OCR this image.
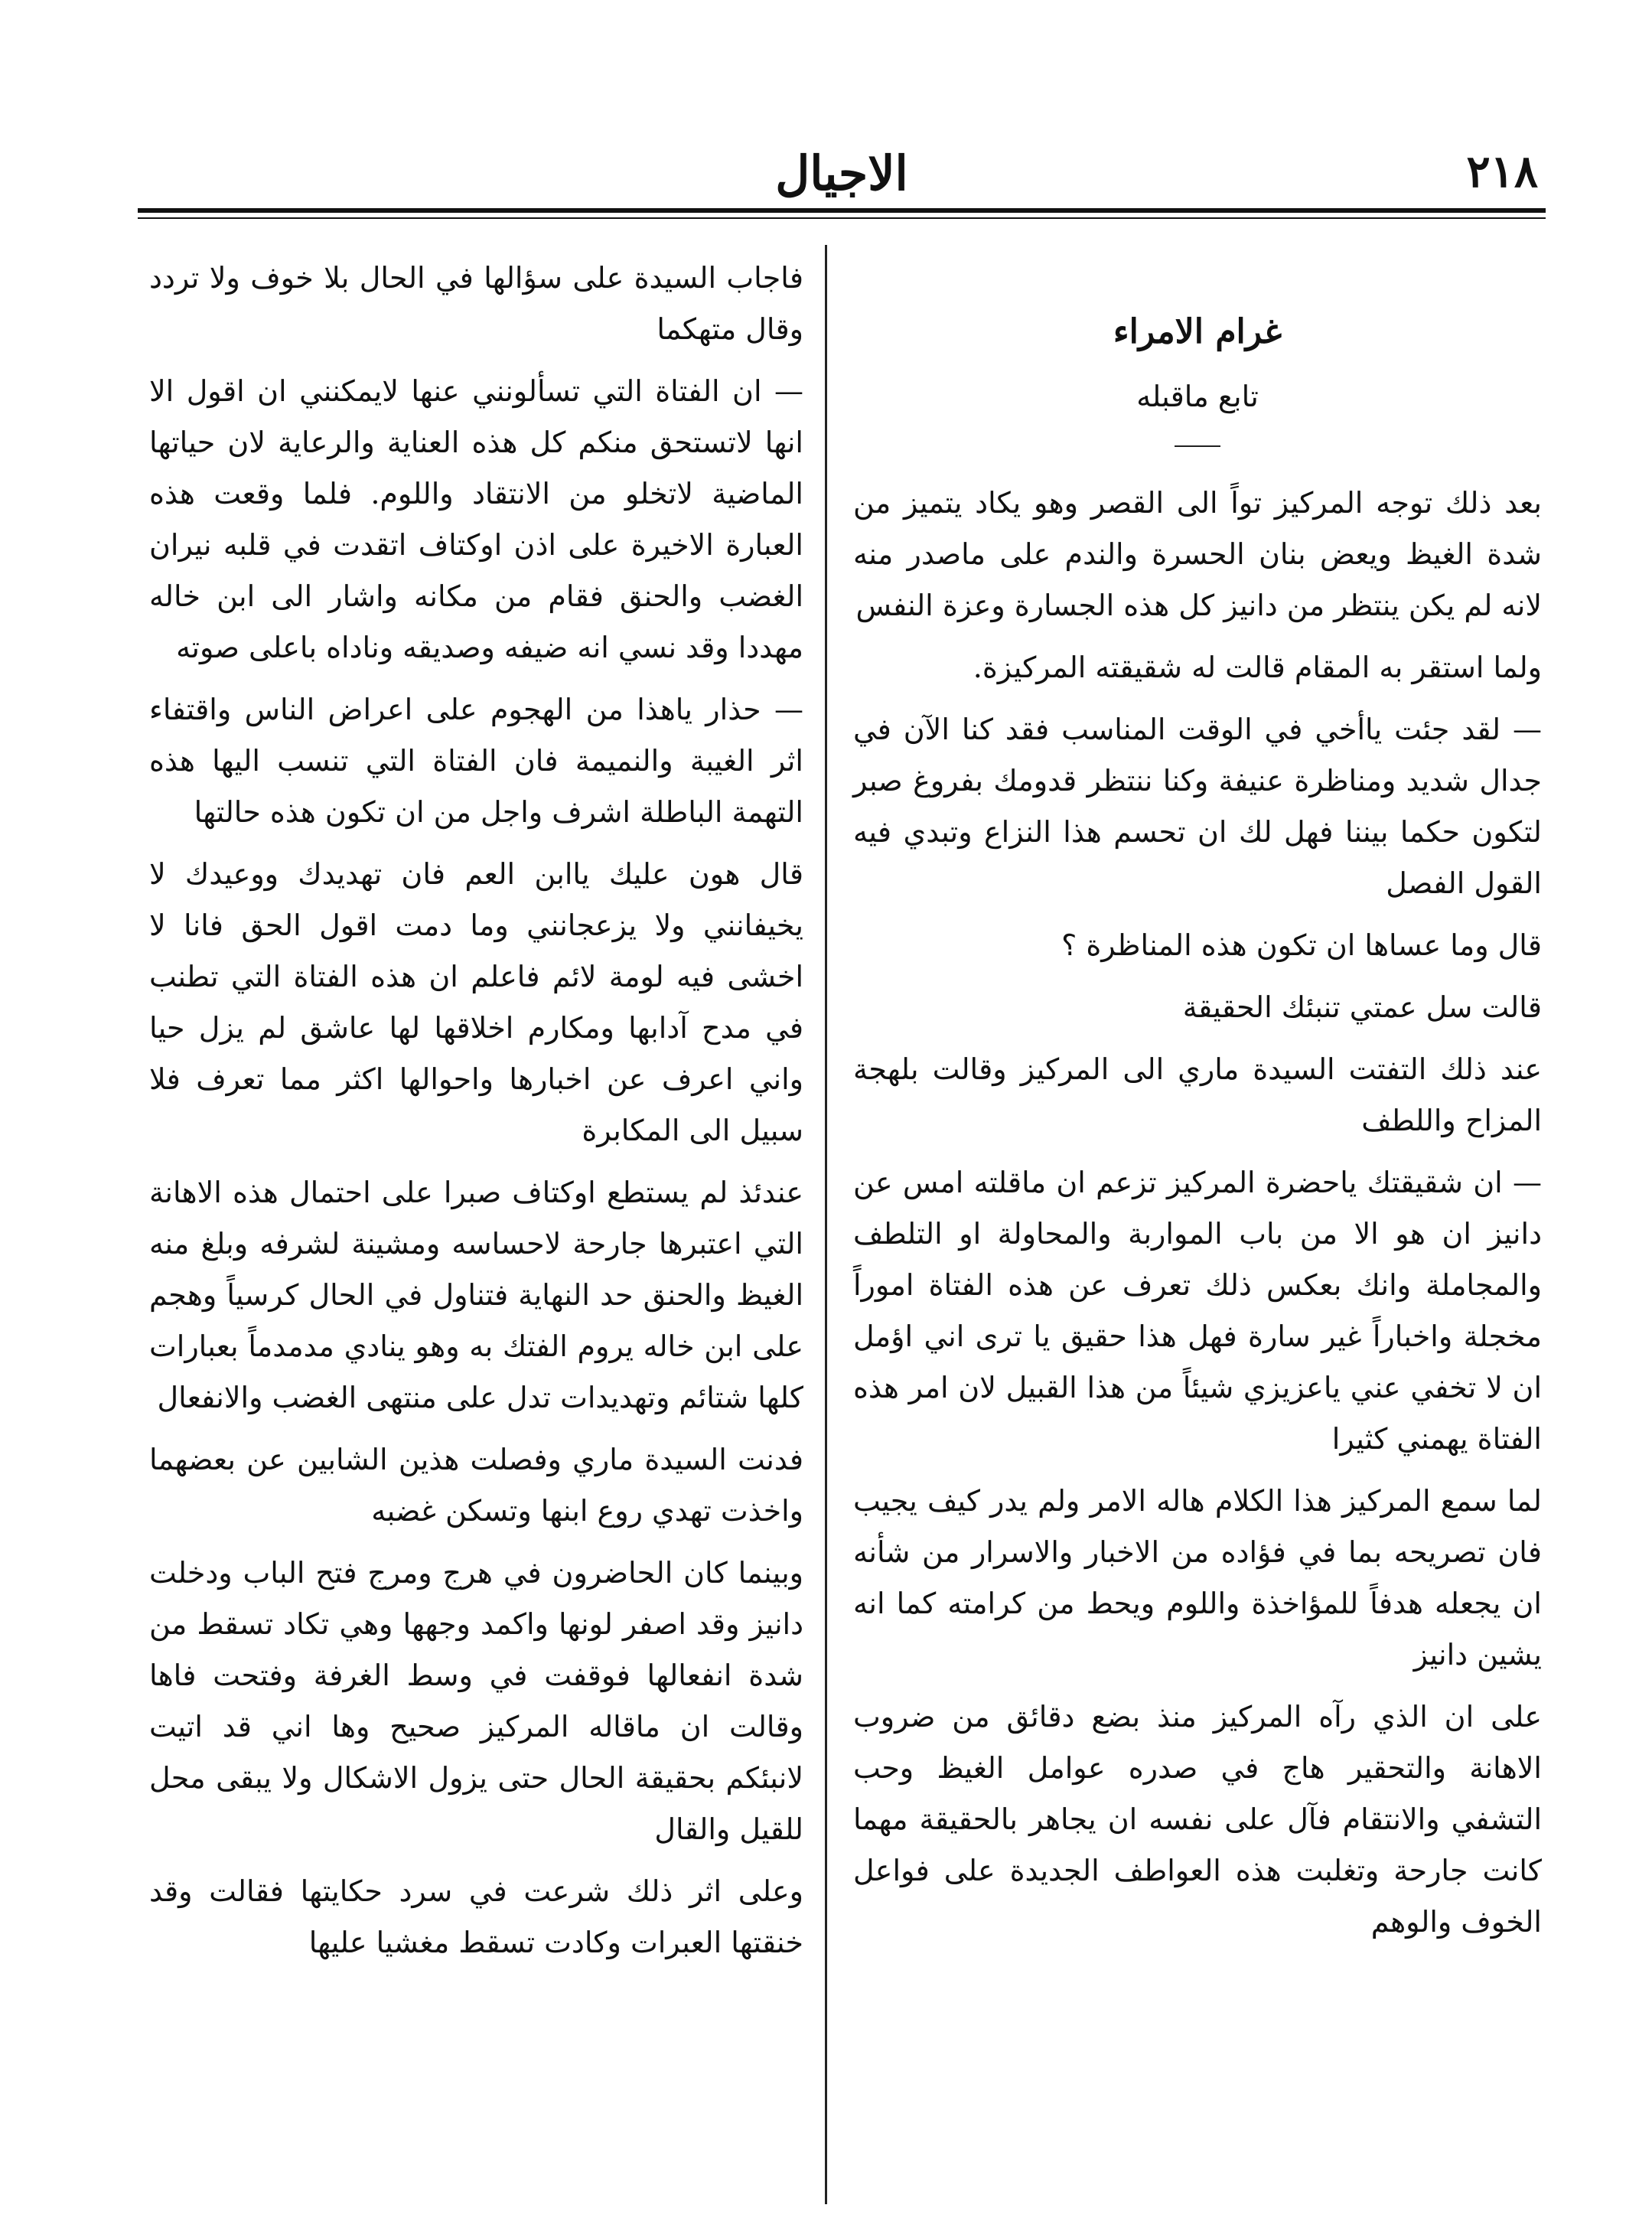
٢١٨
الاجيال
غرام الامراء
تابع ماقبله

بعد ذلك توجه المركيز تواً الى القصر وهو يكاد يتميز من شدة الغيظ ويعض بنان الحسرة والندم على ماصدر منه لانه لم يكن ينتظر من دانيز كل هذه الجسارة وعزة النفس

ولما استقر به المقام قالت له شقيقته المركيزة.

— لقد جئت ياأخي في الوقت المناسب فقد كنا الآن في جدال شديد ومناظرة عنيفة وكنا ننتظر قدومك بفروغ صبر لتكون حكما بيننا فهل لك ان تحسم هذا النزاع وتبدي فيه القول الفصل

قال وما عساها ان تكون هذه المناظرة ؟

قالت سل عمتي تنبئك الحقيقة

عند ذلك التفتت السيدة ماري الى المركيز وقالت بلهجة المزاح واللطف

— ان شقيقتك ياحضرة المركيز تزعم ان ماقلته امس عن دانيز ان هو الا من باب المواربة والمحاولة او التلطف والمجاملة وانك بعكس ذلك تعرف عن هذه الفتاة اموراً مخجلة واخباراً غير سارة فهل هذا حقيق يا ترى اني اؤمل ان لا تخفي عني ياعزيزي شيئاً من هذا القبيل لان امر هذه الفتاة يهمني كثيرا

لما سمع المركيز هذا الكلام هاله الامر ولم يدر كيف يجيب فان تصريحه بما في فؤاده من الاخبار والاسرار من شأنه ان يجعله هدفاً للمؤاخذة واللوم ويحط من كرامته كما انه يشين دانيز

على ان الذي رآه المركيز منذ بضع دقائق من ضروب الاهانة والتحقير هاج في صدره عوامل الغيظ وحب التشفي والانتقام فآل على نفسه ان يجاهر بالحقيقة مهما كانت جارحة وتغلبت هذه العواطف الجديدة على فواعل الخوف والوهم

فاجاب السيدة على سؤالها في الحال بلا خوف ولا تردد وقال متهكما

— ان الفتاة التي تسألونني عنها لايمكنني ان اقول الا انها لاتستحق منكم كل هذه العناية والرعاية لان حياتها الماضية لاتخلو من الانتقاد واللوم. فلما وقعت هذه العبارة الاخيرة على اذن اوكتاف اتقدت في قلبه نيران الغضب والحنق فقام من مكانه واشار الى ابن خاله مهددا وقد نسي انه ضيفه وصديقه وناداه باعلى صوته

— حذار ياهذا من الهجوم على اعراض الناس واقتفاء اثر الغيبة والنميمة فان الفتاة التي تنسب اليها هذه التهمة الباطلة اشرف واجل من ان تكون هذه حالتها

قال هون عليك ياابن العم فان تهديدك ووعيدك لا يخيفانني ولا يزعجانني وما دمت اقول الحق فانا لا اخشى فيه لومة لائم فاعلم ان هذه الفتاة التي تطنب في مدح آدابها ومكارم اخلاقها لها عاشق لم يزل حيا واني اعرف عن اخبارها واحوالها اكثر مما تعرف فلا سبيل الى المكابرة

عندئذ لم يستطع اوكتاف صبرا على احتمال هذه الاهانة التي اعتبرها جارحة لاحساسه ومشينة لشرفه وبلغ منه الغيظ والحنق حد النهاية فتناول في الحال كرسياً وهجم على ابن خاله يروم الفتك به وهو ينادي مدمدماً بعبارات كلها شتائم وتهديدات تدل على منتهى الغضب والانفعال

فدنت السيدة ماري وفصلت هذين الشابين عن بعضهما واخذت تهدي روع ابنها وتسكن غضبه

وبينما كان الحاضرون في هرج ومرج فتح الباب ودخلت دانيز وقد اصفر لونها واكمد وجهها وهي تكاد تسقط من شدة انفعالها فوقفت في وسط الغرفة وفتحت فاها وقالت ان ماقاله المركيز صحيح وها اني قد اتيت لانبئكم بحقيقة الحال حتى يزول الاشكال ولا يبقى محل للقيل والقال

وعلى اثر ذلك شرعت في سرد حكايتها فقالت وقد خنقتها العبرات وكادت تسقط مغشيا عليها
